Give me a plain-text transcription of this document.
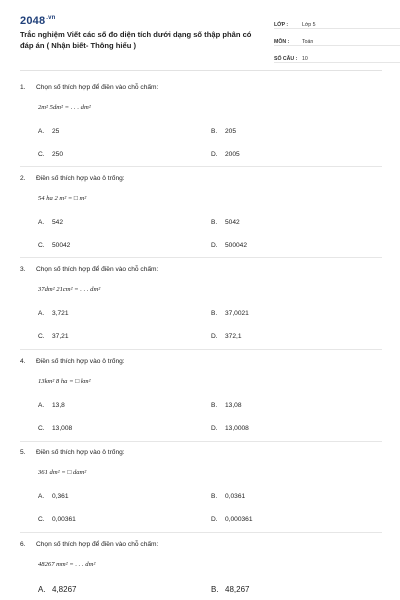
$2048^{.vn}$
Trắc nghiệm Viết các số đo diện tích dưới dạng số thập phân có đáp án ( Nhận biết- Thông hiểu )
LỚP :	Lớp 5
MÔN :	Toán
SỐ CÂU : 10
1.	Chọn số thích hợp để điền vào chỗ chấm:
2m² 5dm² = . . . dm²
A. 25	B. 205
C. 250	D. 2005
2.	Điền số thích hợp vào ô trống:
54 ha 2 m² = □ m²
A. 542	B. 5042
C. 50042	D. 500042
3.	Chọn số thích hợp để điền vào chỗ chấm:
37dm² 21cm² = . . . dm²
A. 3,721	B. 37,0021
C. 37,21	D. 372,1
4.	Điền số thích hợp vào ô trống:
13km² 8 ha = □ km²
A. 13,8	B. 13,08
C. 13,008	D. 13,0008
5.	Điền số thích hợp vào ô trống:
361 dm² = □ dam²
A. 0,361	B. 0,0361
C. 0,00361	D. 0,000361
6.	Chọn số thích hợp để điền vào chỗ chấm:
48267 mm² = . . . dm²
A. 4,8267	B. 48,267
